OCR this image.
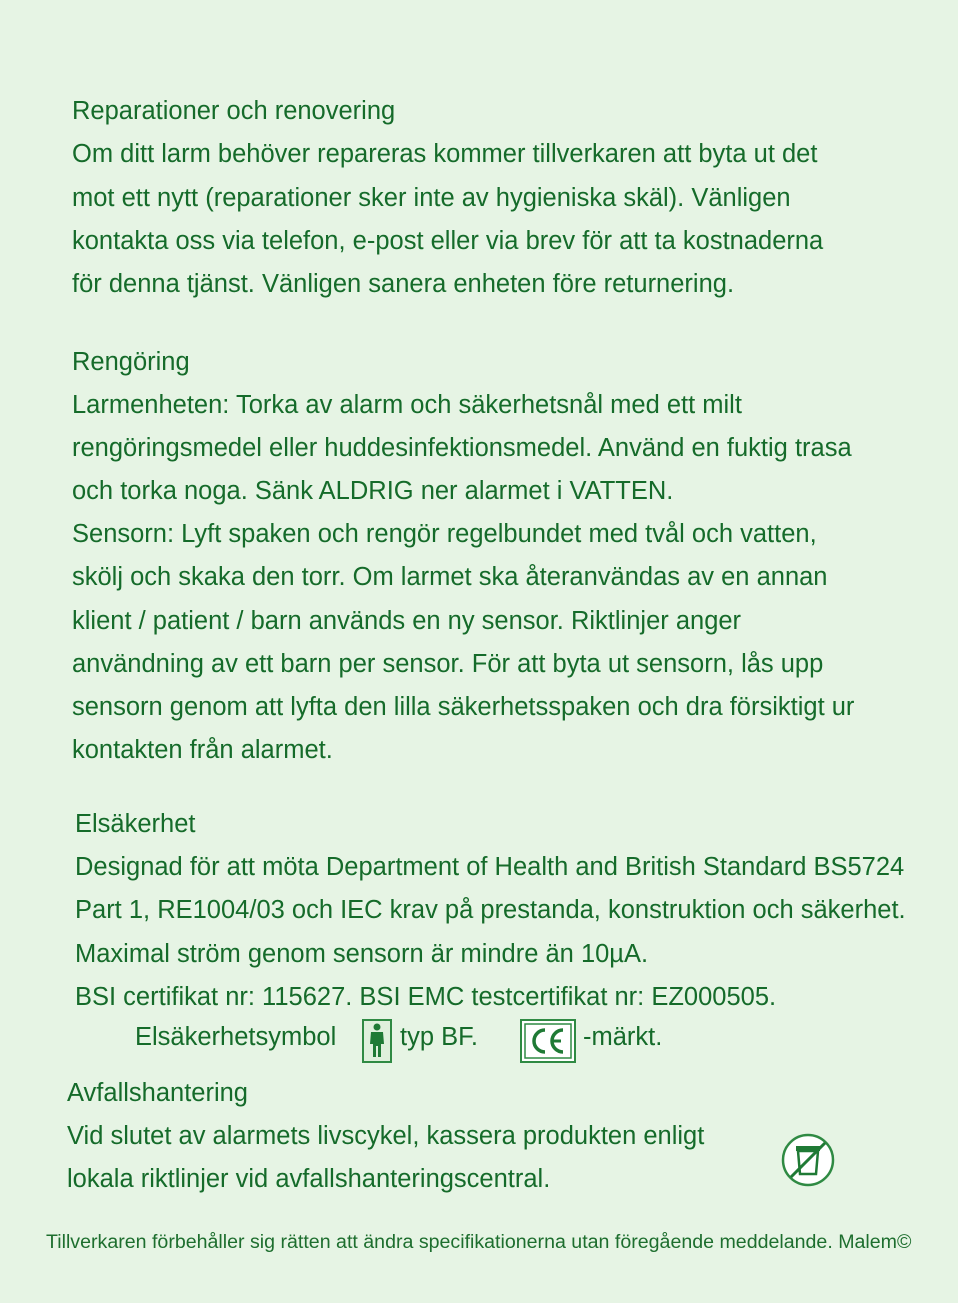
Reparationer och renovering
Om ditt larm behöver repareras kommer tillverkaren att byta ut det
mot ett nytt (reparationer sker inte av hygieniska skäl). Vänligen
kontakta oss via telefon, e-post eller via brev för att ta kostnaderna
för denna tjänst. Vänligen sanera enheten före returnering.
Rengöring
Larmenheten: Torka av alarm och säkerhetsnål med ett milt
rengöringsmedel eller huddesinfektionsmedel. Använd en fuktig trasa
och torka noga. Sänk ALDRIG ner alarmet i VATTEN.
Sensorn: Lyft spaken och rengör regelbundet med tvål och vatten,
skölj och skaka den torr. Om larmet ska återanvändas av en annan
klient / patient / barn används en ny sensor. Riktlinjer anger
användning av ett barn per sensor. För att byta ut sensorn, lås upp
sensorn genom att lyfta den lilla säkerhetsspaken och dra försiktigt ur
kontakten från alarmet.
Elsäkerhet
Designad för att möta Department of Health and British Standard BS5724
Part 1, RE1004/03 och IEC krav på prestanda, konstruktion och säkerhet.
Maximal ström genom sensorn är mindre än 10µA.
BSI certifikat nr: 115627. BSI EMC testcertifikat nr: EZ000505.
Elsäkerhetsymbol	typ BF.	-märkt.
Avfallshantering
Vid slutet av alarmets livscykel, kassera produkten enligt
lokala riktlinjer vid avfallshanteringscentral.
Tillverkaren förbehåller sig rätten att ändra specifikationerna utan föregående meddelande. Malem©
